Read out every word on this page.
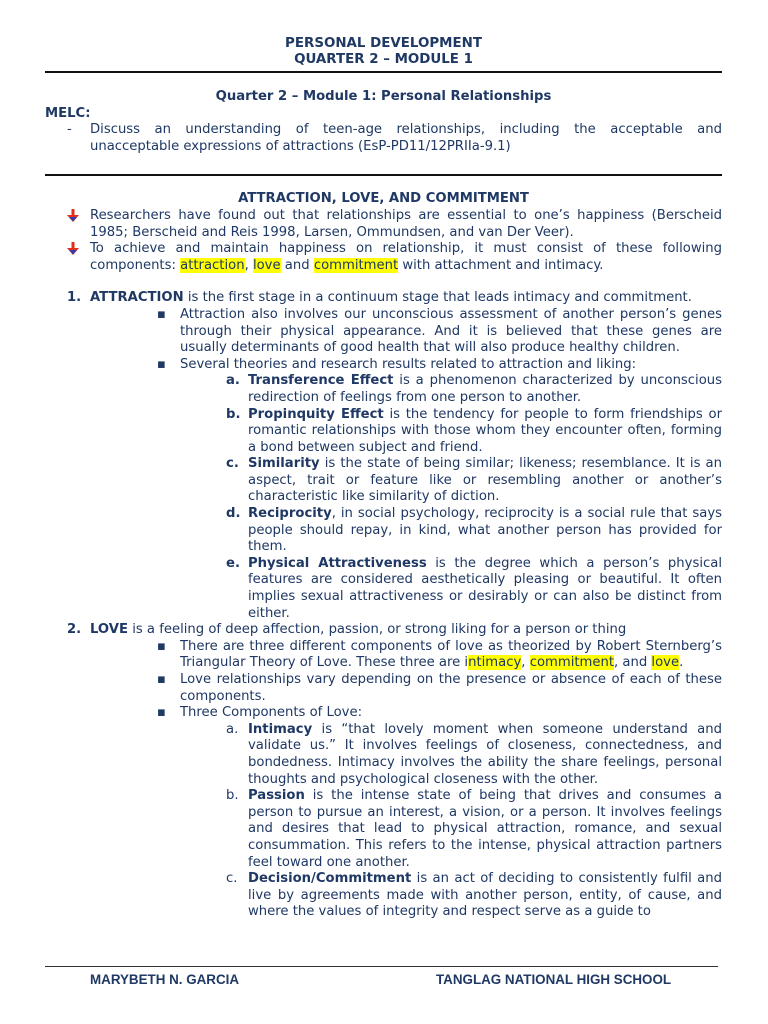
PERSONAL DEVELOPMENT
QUARTER 2 – MODULE 1
Quarter 2 – Module 1: Personal Relationships
MELC:
-	Discuss an understanding of teen-age relationships, including the acceptable and unacceptable expressions of attractions (EsP-PD11/12PRIIa-9.1)
ATTRACTION, LOVE, AND COMMITMENT
Researchers have found out that relationships are essential to one’s happiness (Berscheid 1985; Berscheid and Reis 1998, Larsen, Ommundsen, and van Der Veer).
To achieve and maintain happiness on relationship, it must consist of these following components: attraction, love and commitment with attachment and intimacy.
1. ATTRACTION is the first stage in a continuum stage that leads intimacy and commitment.
▪	Attraction also involves our unconscious assessment of another person’s genes through their physical appearance. And it is believed that these genes are usually determinants of good health that will also produce healthy children.
▪	Several theories and research results related to attraction and liking:
a. Transference Effect is a phenomenon characterized by unconscious redirection of feelings from one person to another.
b. Propinquity Effect is the tendency for people to form friendships or romantic relationships with those whom they encounter often, forming a bond between subject and friend.
c. Similarity is the state of being similar; likeness; resemblance. It is an aspect, trait or feature like or resembling another or another’s characteristic like similarity of diction.
d. Reciprocity, in social psychology, reciprocity is a social rule that says people should repay, in kind, what another person has provided for them.
e. Physical Attractiveness is the degree which a person’s physical features are considered aesthetically pleasing or beautiful. It often implies sexual attractiveness or desirably or can also be distinct from either.
2. LOVE is a feeling of deep affection, passion, or strong liking for a person or thing
▪	There are three different components of love as theorized by Robert Sternberg’s Triangular Theory of Love. These three are intimacy, commitment, and love.
▪	Love relationships vary depending on the presence or absence of each of these components.
▪	Three Components of Love:
a. Intimacy is “that lovely moment when someone understand and validate us.” It involves feelings of closeness, connectedness, and bondedness. Intimacy involves the ability the share feelings, personal thoughts and psychological closeness with the other.
b. Passion is the intense state of being that drives and consumes a person to pursue an interest, a vision, or a person. It involves feelings and desires that lead to physical attraction, romance, and sexual consummation. This refers to the intense, physical attraction partners feel toward one another.
c. Decision/Commitment is an act of deciding to consistently fulfil and live by agreements made with another person, entity, of cause, and where the values of integrity and respect serve as a guide to
MARYBETH N. GARCIA	TANGLAG NATIONAL HIGH SCHOOL
